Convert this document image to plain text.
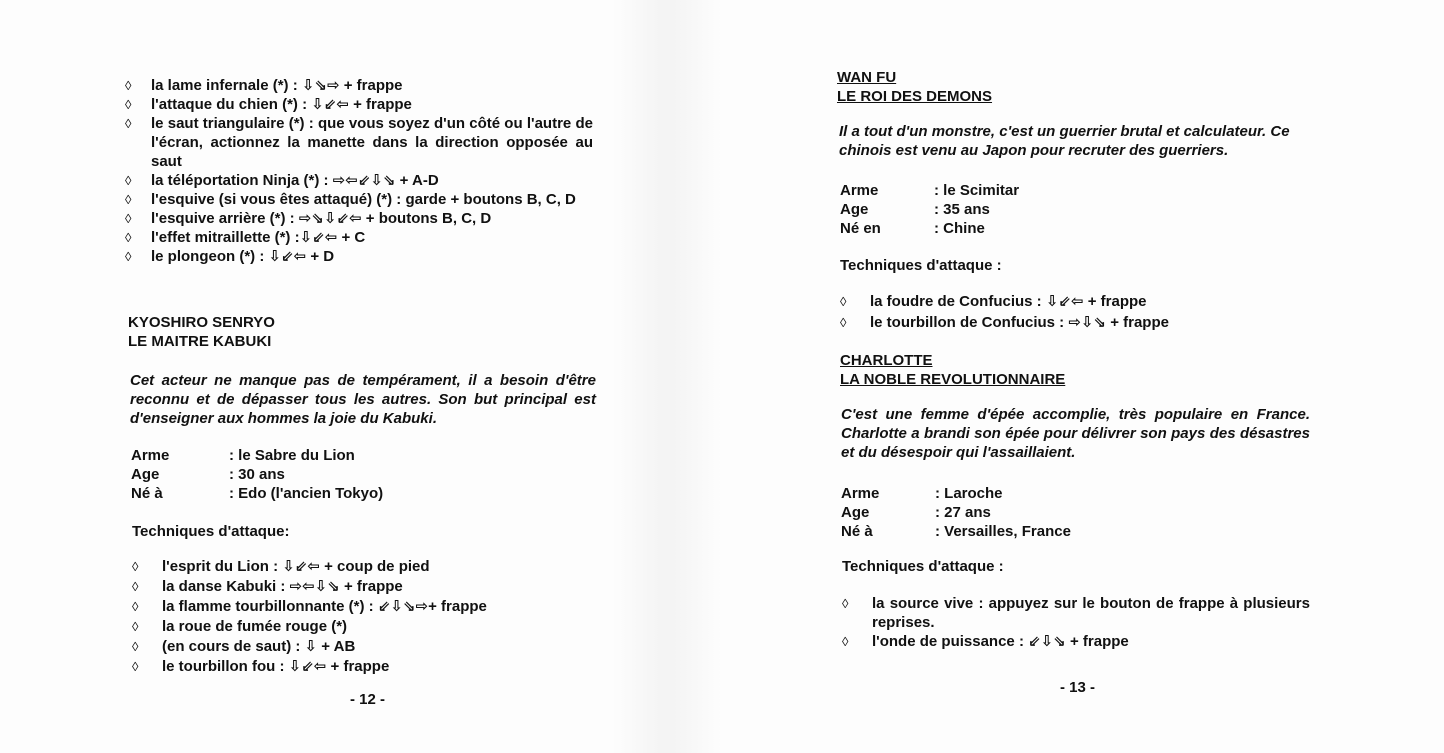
◊ la lame infernale (*) : ⇩⇘⇨ + frappe
◊ l'attaque du chien (*) : ⇩⇙⇦ + frappe
◊ le saut triangulaire (*) : que vous soyez d'un côté ou l'autre de l'écran, actionnez la manette dans la direction opposée au saut
◊ la téléportation Ninja (*) : ⇨⇦⇙⇩⇘ + A-D
◊ l'esquive (si vous êtes attaqué) (*) : garde + boutons B, C, D
◊ l'esquive arrière (*) : ⇨⇘⇩⇙⇦ + boutons B, C, D
◊ l'effet mitraillette (*) :⇩⇙⇦ + C
◊ le plongeon (*) : ⇩⇙⇦ + D
KYOSHIRO SENRYO
LE MAITRE KABUKI
Cet acteur ne manque pas de tempérament, il a besoin d'être reconnu et de dépasser tous les autres. Son but principal est d'enseigner aux hommes la joie du Kabuki.
Arme	: le Sabre du Lion
Age	: 30 ans
Né à	: Edo (l'ancien Tokyo)
Techniques d'attaque:
◊ l'esprit du Lion : ⇩⇙⇦ + coup de pied
◊ la danse Kabuki : ⇨⇦⇩⇘ + frappe
◊ la flamme tourbillonnante (*) : ⇙⇩⇘⇨+ frappe
◊ la roue de fumée rouge (*)
◊ (en cours de saut) : ⇩ + AB
◊ le tourbillon fou : ⇩⇙⇦ + frappe
- 12 -
WAN FU
LE ROI DES DEMONS
Il a tout d'un monstre, c'est un guerrier brutal et calculateur. Ce chinois est venu au Japon pour recruter des guerriers.
Arme	: le Scimitar
Age	: 35 ans
Né en	: Chine
Techniques d'attaque :
◊ la foudre de Confucius : ⇩⇙⇦ + frappe
◊ le tourbillon de Confucius : ⇨⇩⇘ + frappe
CHARLOTTE
LA NOBLE REVOLUTIONNAIRE
C'est une femme d'épée accomplie, très populaire en France. Charlotte a brandi son épée pour délivrer son pays des désastres et du désespoir qui l'assaillaient.
Arme	: Laroche
Age	: 27 ans
Né à	: Versailles, France
Techniques d'attaque :
◊ la source vive : appuyez sur le bouton de frappe à plusieurs reprises.
◊ l'onde de puissance : ⇙⇩⇘ + frappe
- 13 -
